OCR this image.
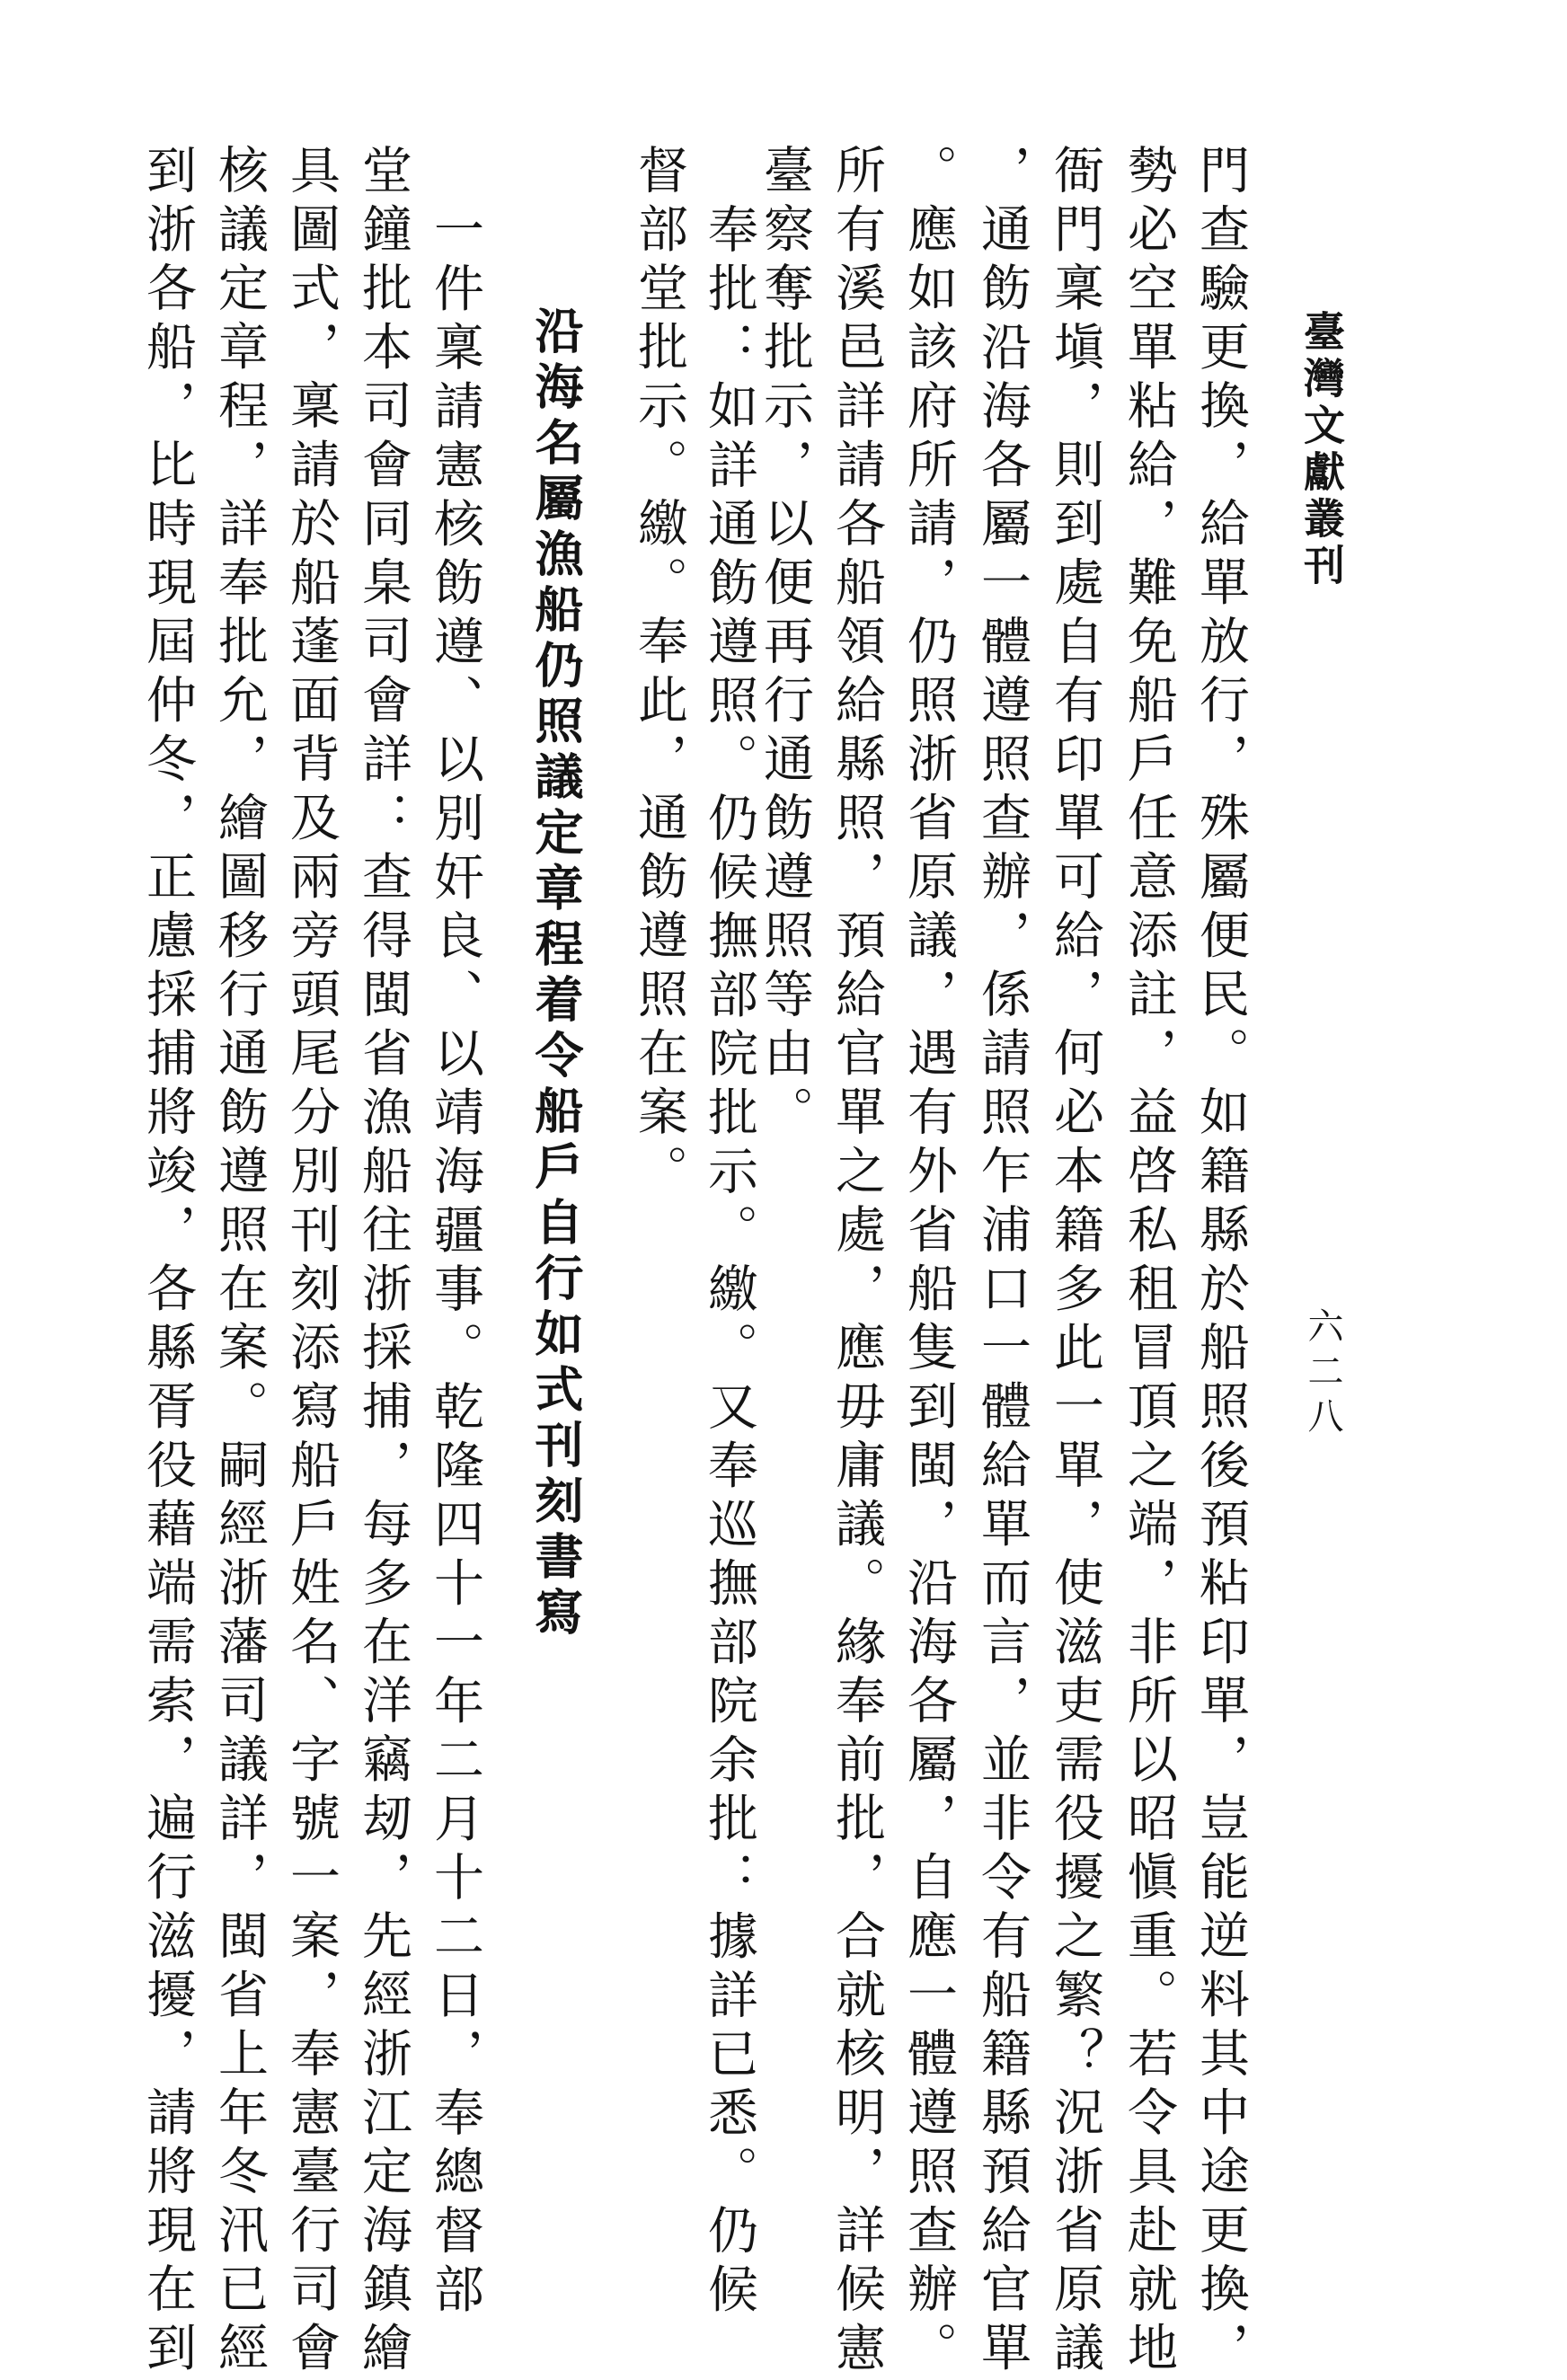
臺灣文獻叢刊
六二八
門查驗更換，給單放行，殊屬便民。如籍縣於船照後預粘印單，豈能逆料其中途更換，
勢必空單粘給，難免船戶任意添註，益啓私租冒頂之端，非所以昭愼重。若令具赴就地
衙門稟塡，則到處自有印單可給，何必本籍多此一單，使滋吏需役擾之繁？況浙省原議
，通飭沿海各屬一體遵照查辦，係請照乍浦口一體給單而言，並非令有船籍縣預給官單
。應如該府所請，仍照浙省原議，遇有外省船隻到閩，沿海各屬，自應一體遵照查辦。
所有溪邑詳請各船領給縣照，預給官單之處，應毋庸議。緣奉前批，合就核明，詳候憲
臺察奪批示，以便再行通飭遵照等由。
奉批：如詳通飭遵照。仍候撫部院批示。繳。又奉巡撫部院余批：據詳已悉。仍候
督部堂批示。繳。奉此，通飭遵照在案。
沿海名屬漁船仍照議定章程着令船戶自行如式刊刻書寫
一件稟請憲核飭遵、以別奸良、以靖海疆事。乾隆四十一年二月十二日，奉總督部
堂鐘批本司會同臬司會詳：查得閩省漁船往浙採捕，每多在洋竊刼，先經浙江定海鎮繪
具圖式，稟請於船蓬面背及兩旁頭尾分別刊刻添寫船戶姓名、字號一案，奉憲臺行司會
核議定章程，詳奉批允，繪圖移行通飭遵照在案。嗣經浙藩司議詳，閩省上年冬汛已經
到浙各船，比時現屆仲冬，正慮採捕將竣，各縣胥役藉端需索，遍行滋擾，請將現在到
